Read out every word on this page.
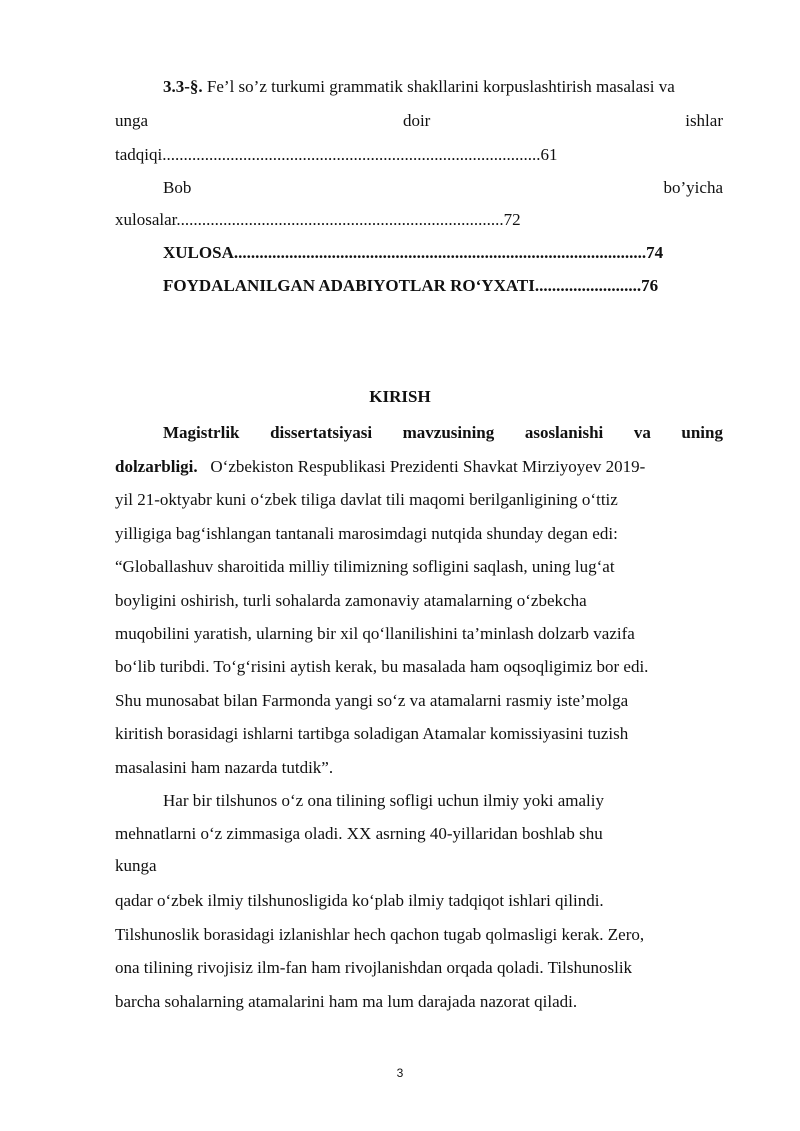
3.3-§. Fe’l so’z turkumi grammatik shakllarini korpuslashtirish masalasi va
unga	doir	ishlar
tadqiqi.........................................................................................61
Bob	bo’yicha
xulosalar.............................................................................72
XULOSA.................................................................................................74
FOYDALANILGAN ADABIYOTLAR RO‘YXATI.........................76
KIRISH
Magistrlik dissertatsiyasi mavzusining asoslanishi va uning
dolzarbligi. O‘zbekiston Respublikasi Prezidenti Shavkat Mirziyoyev 2019-
yil 21-oktyabr kuni o‘zbek tiliga davlat tili maqomi berilganligining o‘ttiz
yilligiga bag‘ishlangan tantanali marosimdagi nutqida shunday degan edi:
“Globallashuv sharoitida milliy tilimizning sofligini saqlash, uning lug‘at
boyligini oshirish, turli sohalarda zamonaviy atamalarning o‘zbekcha
muqobilini yaratish, ularning bir xil qo‘llanilishini ta’minlash dolzarb vazifa
bo‘lib turibdi. To‘g‘risini aytish kerak, bu masalada ham oqsoqligimiz bor edi.
Shu munosabat bilan Farmonda yangi so‘z va atamalarni rasmiy iste’molga
kiritish borasidagi ishlarni tartibga soladigan Atamalar komissiyasini tuzish
masalasini ham nazarda tutdik”.
Har bir tilshunos o‘z ona tilining sofligi uchun ilmiy yoki amaliy
mehnatlarni o‘z zimmasiga oladi. XX asrning 40-yillaridan boshlab shu
kunga
qadar o‘zbek ilmiy tilshunosligida ko‘plab ilmiy tadqiqot ishlari qilindi.
Tilshunoslik borasidagi izlanishlar hech qachon tugab qolmasligi kerak. Zero,
ona tilining rivojisiz ilm-fan ham rivojlanishdan orqada qoladi. Tilshunoslik
barcha sohalarning atamalarini ham ma lum darajada nazorat qiladi.
3
